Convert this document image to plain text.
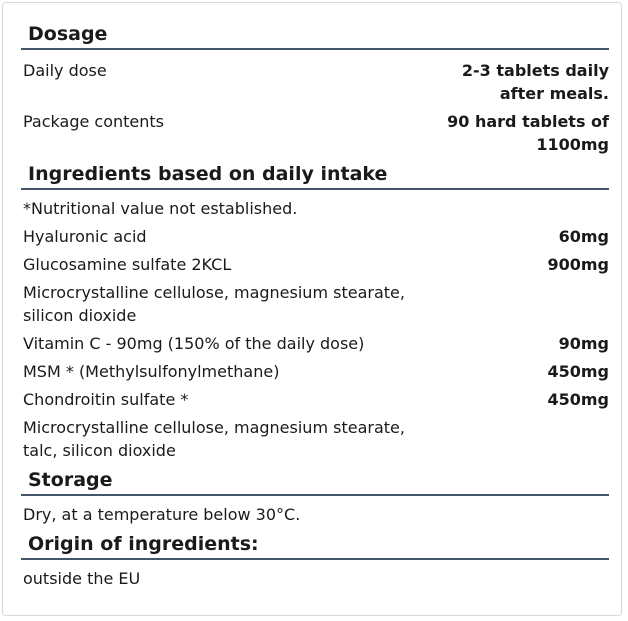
Dosage
Daily dose	2-3 tablets daily
after meals.
Package contents	90 hard tablets of
1100mg
Ingredients based on daily intake
*Nutritional value not established.
Hyaluronic acid	60mg
Glucosamine sulfate 2KCL	900mg
Microcrystalline cellulose, magnesium stearate,
silicon dioxide
Vitamin C - 90mg (150% of the daily dose)	90mg
MSM * (Methylsulfonylmethane)	450mg
Chondroitin sulfate *	450mg
Microcrystalline cellulose, magnesium stearate,
talc, silicon dioxide
Storage
Dry, at a temperature below 30°C.
Origin of ingredients:
outside the EU
